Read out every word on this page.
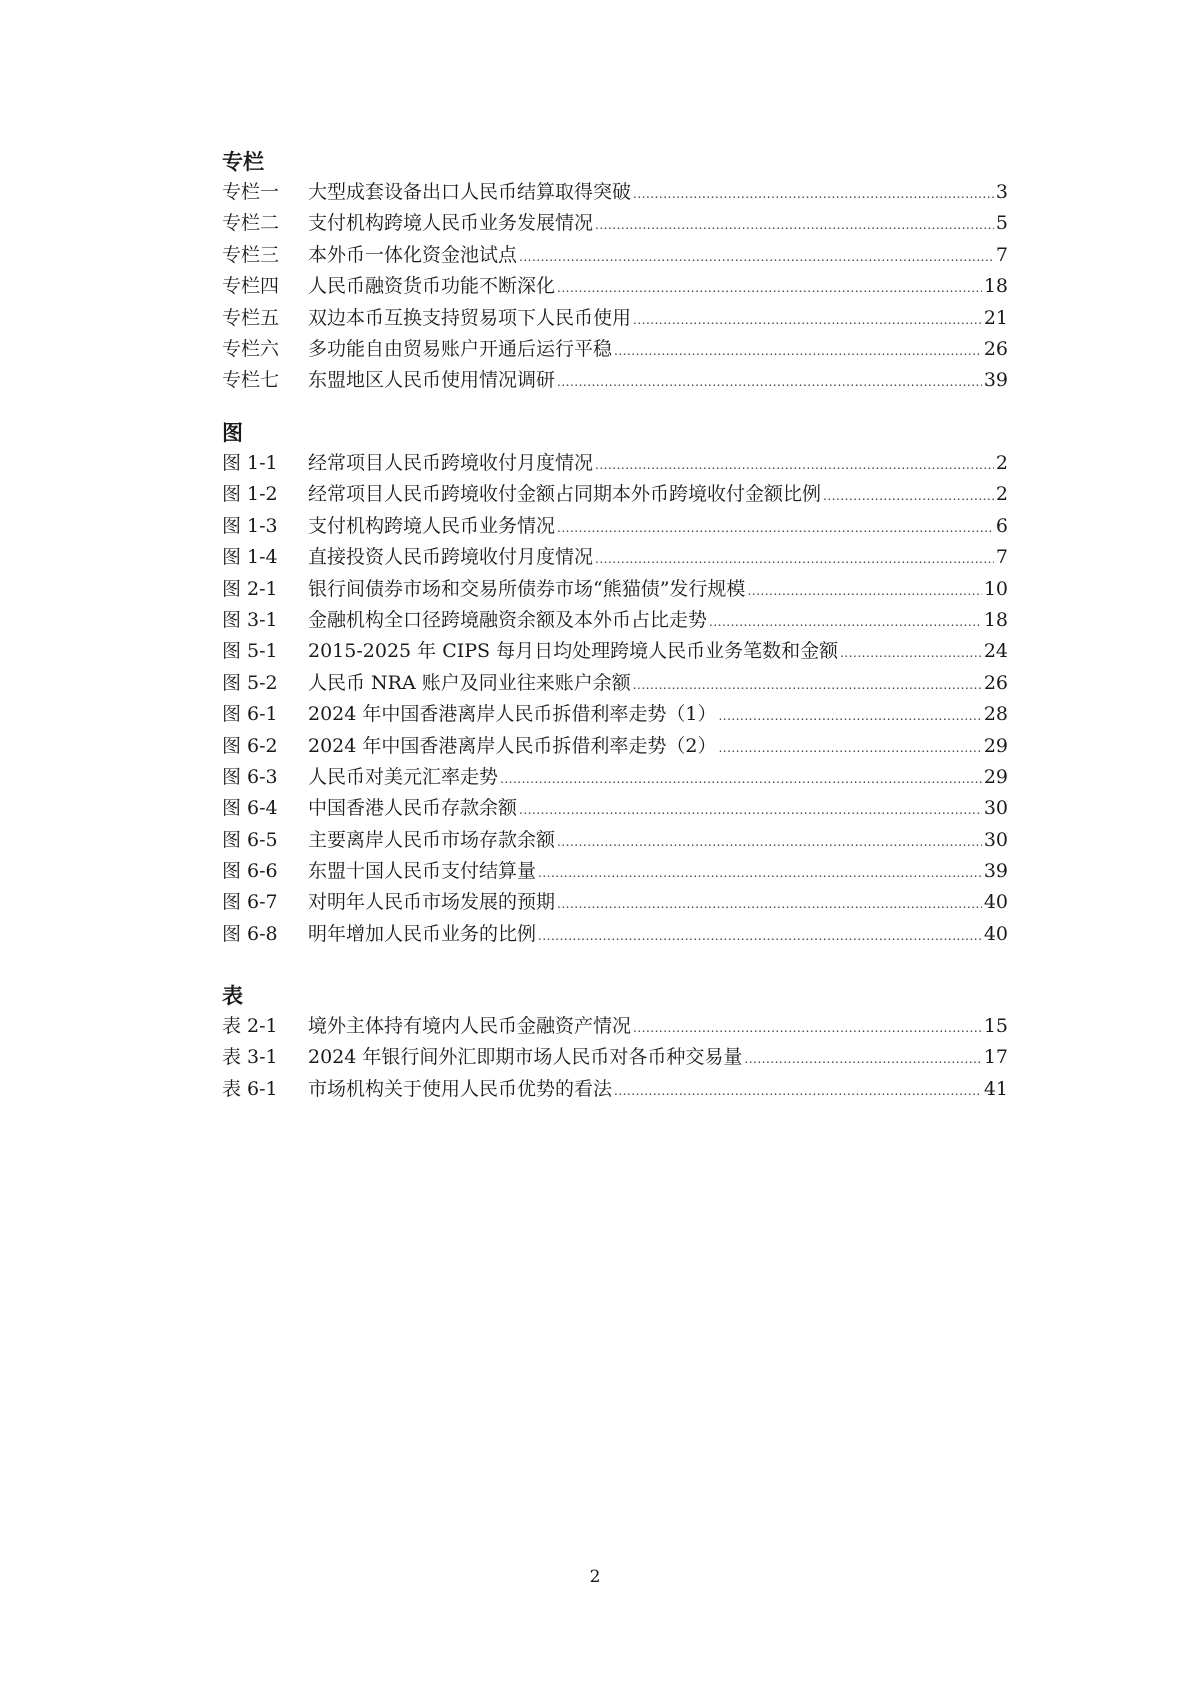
专栏
专栏一	大型成套设备出口人民币结算取得突破 .....	3
专栏二	支付机构跨境人民币业务发展情况 .....	5
专栏三	本外币一体化资金池试点 .....	7
专栏四	人民币融资货币功能不断深化 .....	18
专栏五	双边本币互换支持贸易项下人民币使用 .....	21
专栏六	多功能自由贸易账户开通后运行平稳 .....	26
专栏七	东盟地区人民币使用情况调研 .....	39
图
图 1-1	经常项目人民币跨境收付月度情况 .....	2
图 1-2	经常项目人民币跨境收付金额占同期本外币跨境收付金额比例 .....	2
图 1-3	支付机构跨境人民币业务情况 .....	6
图 1-4	直接投资人民币跨境收付月度情况 .....	7
图 2-1	银行间债券市场和交易所债券市场“熊猫债”发行规模 .....	10
图 3-1	金融机构全口径跨境融资余额及本外币占比走势 .....	18
图 5-1	2015-2025 年 CIPS 每月日均处理跨境人民币业务笔数和金额 .....	24
图 5-2	人民币 NRA 账户及同业往来账户余额 .....	26
图 6-1	2024 年中国香港离岸人民币拆借利率走势（1） .....	28
图 6-2	2024 年中国香港离岸人民币拆借利率走势（2） .....	29
图 6-3	人民币对美元汇率走势 .....	29
图 6-4	中国香港人民币存款余额 .....	30
图 6-5	主要离岸人民币市场存款余额 .....	30
图 6-6	东盟十国人民币支付结算量 .....	39
图 6-7	对明年人民币市场发展的预期 .....	40
图 6-8	明年增加人民币业务的比例 .....	40
表
表 2-1	境外主体持有境内人民币金融资产情况 .....	15
表 3-1	2024 年银行间外汇即期市场人民币对各币种交易量 .....	17
表 6-1	市场机构关于使用人民币优势的看法 .....	41
2
